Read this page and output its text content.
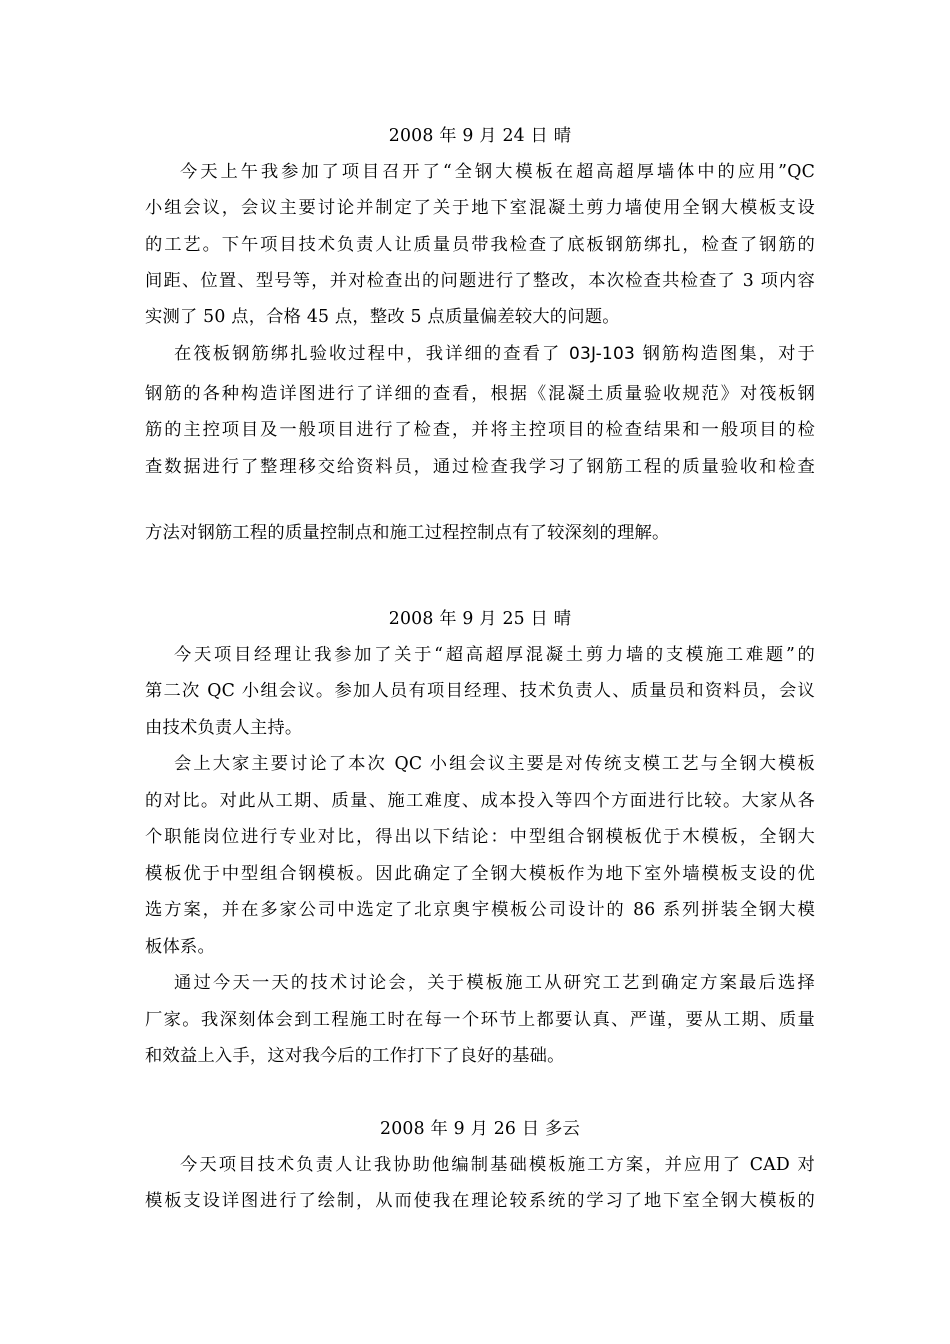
2008 年 9 月 24 日 晴
今天上午我参加了项目召开了“全钢大模板在超高超厚墙体中的应用”QC
小组会议，会议主要讨论并制定了关于地下室混凝土剪力墙使用全钢大模板支设
的工艺。下午项目技术负责人让质量员带我检查了底板钢筋绑扎，检查了钢筋的
间距、位置、型号等，并对检查出的问题进行了整改，本次检查共检查了 3 项内容
实测了 50 点，合格 45 点，整改 5 点质量偏差较大的问题。
在筏板钢筋绑扎验收过程中，我详细的查看了 03J-103 钢筋构造图集，对于
钢筋的各种构造详图进行了详细的查看，根据《混凝土质量验收规范》对筏板钢
筋的主控项目及一般项目进行了检查，并将主控项目的检查结果和一般项目的检
查数据进行了整理移交给资料员，通过检查我学习了钢筋工程的质量验收和检查
方法对钢筋工程的质量控制点和施工过程控制点有了较深刻的理解。
2008 年 9 月 25 日 晴
今天项目经理让我参加了关于“超高超厚混凝土剪力墙的支模施工难题”的
第二次 QC 小组会议。参加人员有项目经理、技术负责人、质量员和资料员，会议
由技术负责人主持。
会上大家主要讨论了本次 QC 小组会议主要是对传统支模工艺与全钢大模板
的对比。对此从工期、质量、施工难度、成本投入等四个方面进行比较。大家从各
个职能岗位进行专业对比，得出以下结论：中型组合钢模板优于木模板，全钢大
模板优于中型组合钢模板。因此确定了全钢大模板作为地下室外墙模板支设的优
选方案，并在多家公司中选定了北京奥宇模板公司设计的 86 系列拼装全钢大模
板体系。
通过今天一天的技术讨论会，关于模板施工从研究工艺到确定方案最后选择
厂家。我深刻体会到工程施工时在每一个环节上都要认真、严谨，要从工期、质量
和效益上入手，这对我今后的工作打下了良好的基础。
2008 年 9 月 26 日 多云
今天项目技术负责人让我协助他编制基础模板施工方案，并应用了 CAD 对
模板支设详图进行了绘制，从而使我在理论较系统的学习了地下室全钢大模板的
